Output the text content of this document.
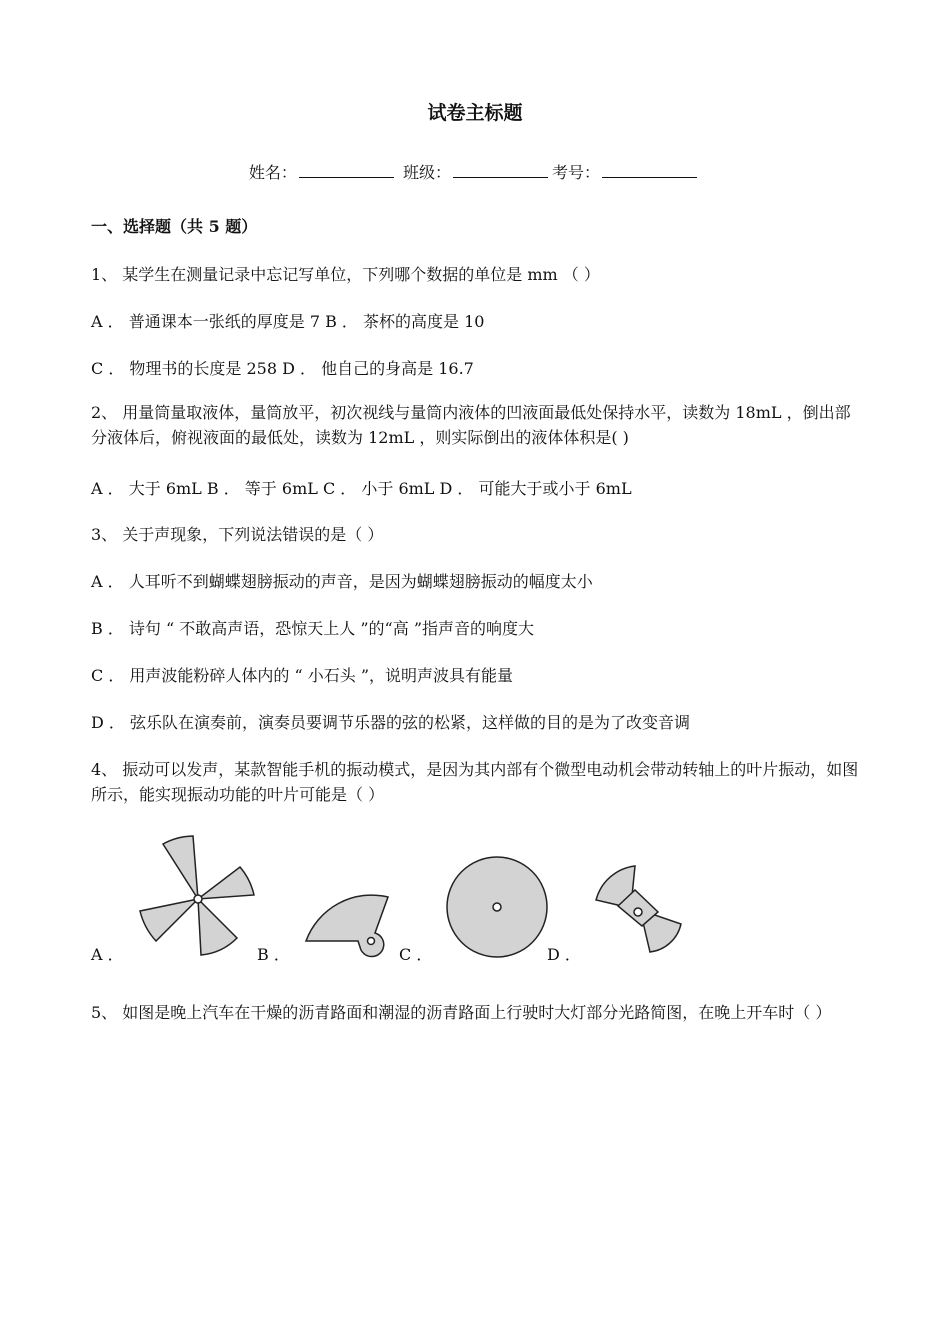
试卷主标题
姓名：	班级：	考号：
一、选择题（共 5 题）
1、 某学生在测量记录中忘记写单位，下列哪个数据的单位是 mm （ ）
A ． 普通课本一张纸的厚度是 7 B ． 茶杯的高度是 10
C ． 物理书的长度是 258 D ． 他自己的身高是 16.7
2、 用量筒量取液体，量筒放平，初次视线与量筒内液体的凹液面最低处保持水平，读数为 18mL ，倒出部分液体后，俯视液面的最低处，读数为 12mL ，则实际倒出的液体体积是( )
A ． 大于 6mL B ． 等于 6mL C ． 小于 6mL D ． 可能大于或小于 6mL
3、 关于声现象，下列说法错误的是（ ）
A ． 人耳听不到蝴蝶翅膀振动的声音，是因为蝴蝶翅膀振动的幅度太小
B ． 诗句 “ 不敢高声语，恐惊天上人 ”的“高 ”指声音的响度大
C ． 用声波能粉碎人体内的 “ 小石头 ”，说明声波具有能量
D ． 弦乐队在演奏前，演奏员要调节乐器的弦的松紧，这样做的目的是为了改变音调
4、 振动可以发声，某款智能手机的振动模式，是因为其内部有个微型电动机会带动转轴上的叶片振动，如图所示，能实现振动功能的叶片可能是（ ）
A ．	B ．	C ．	D ．
5、 如图是晚上汽车在干燥的沥青路面和潮湿的沥青路面上行驶时大灯部分光路简图，在晚上开车时（ ）
